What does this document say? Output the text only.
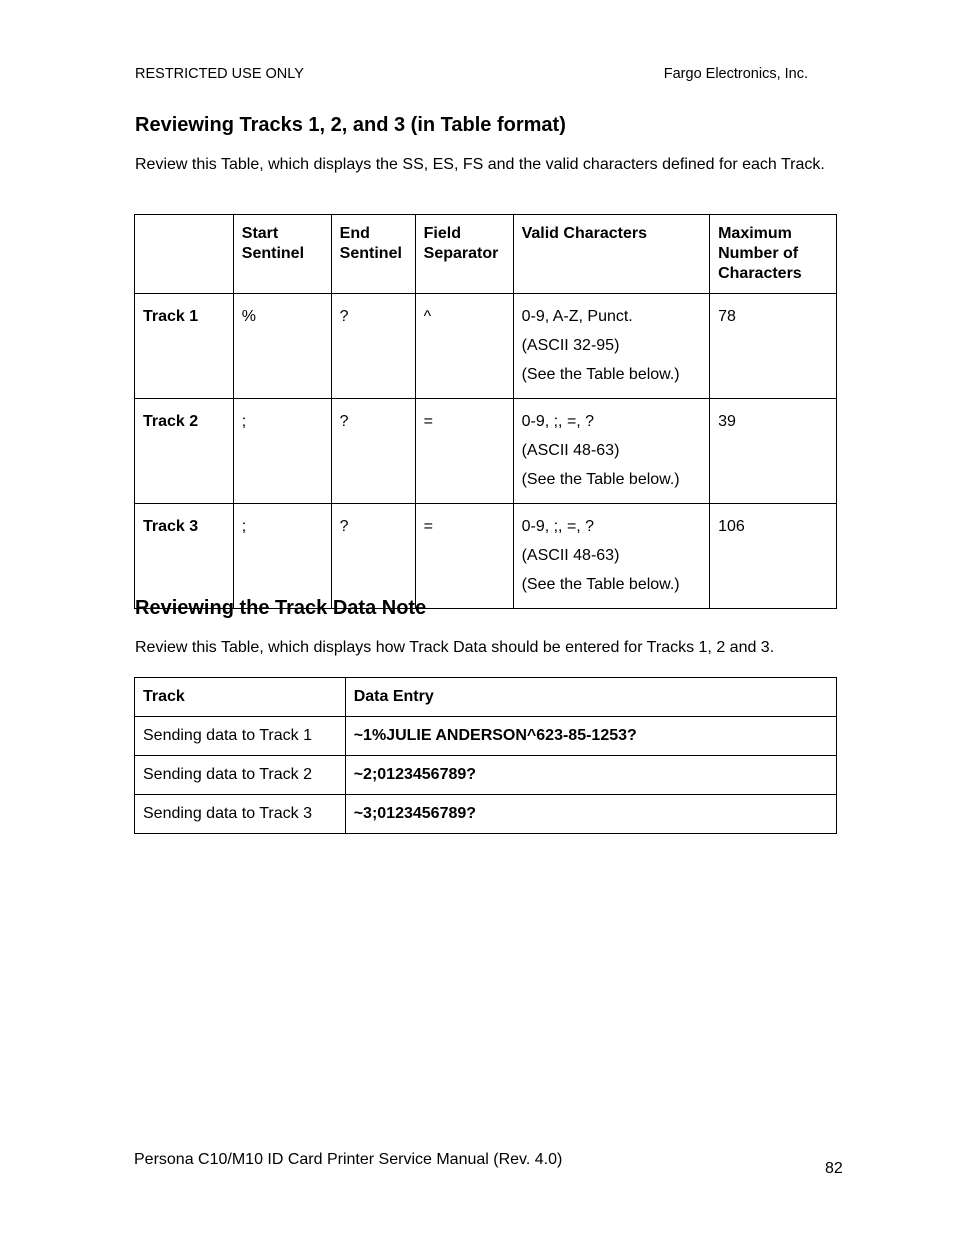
RESTRICTED USE ONLY	Fargo Electronics, Inc.
Reviewing Tracks 1, 2, and 3 (in Table format)
Review this Table, which displays the SS, ES, FS and the valid characters defined for each Track.
	Start Sentinel	End Sentinel	Field Separator	Valid Characters	Maximum Number of Characters
Track 1	%	?	^	0-9, A-Z, Punct.
(ASCII 32-95)
(See the Table below.)	78
Track 2	;	?	=	0-9, ;, =, ?
(ASCII 48-63)
(See the Table below.)	39
Track 3	;	?	=	0-9, ;, =, ?
(ASCII 48-63)
(See the Table below.)	106
Reviewing the Track Data Note
Review this Table, which displays how Track Data should be entered for Tracks 1, 2 and 3.
Track	Data Entry
Sending data to Track 1	~1%JULIE ANDERSON^623-85-1253?
Sending data to Track 2	~2;0123456789?
Sending data to Track 3	~3;0123456789?
Persona C10/M10 ID Card Printer Service Manual (Rev. 4.0)
82
